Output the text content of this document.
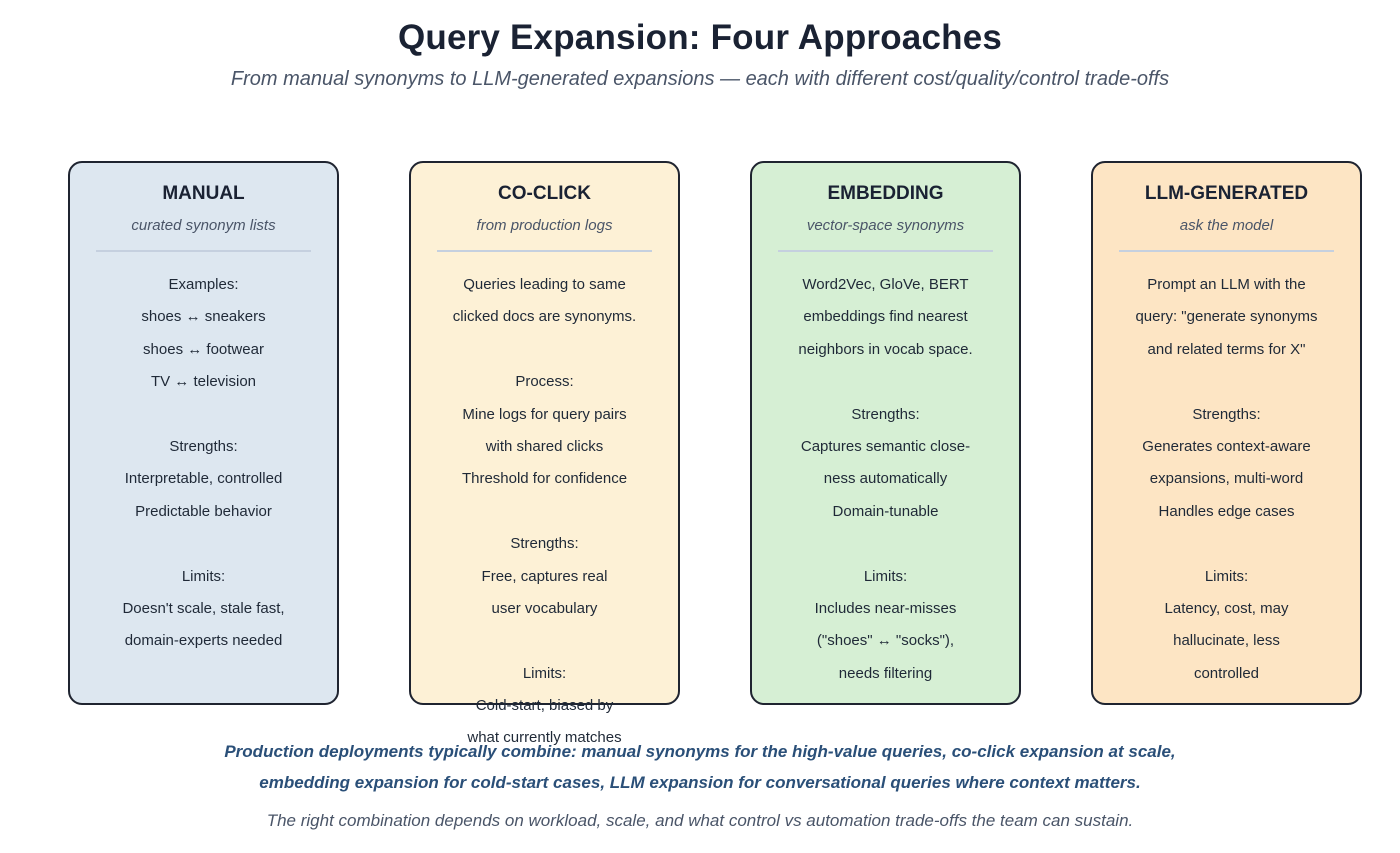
Query Expansion: Four Approaches
From manual synonyms to LLM-generated expansions — each with different cost/quality/control trade-offs
MANUAL
curated synonym lists
Examples:
shoes ↔ sneakers
shoes ↔ footwear
TV ↔ television

Strengths:
Interpretable, controlled
Predictable behavior

Limits:
Doesn't scale, stale fast,
domain-experts needed
CO-CLICK
from production logs
Queries leading to same
clicked docs are synonyms.

Process:
Mine logs for query pairs
with shared clicks
Threshold for confidence

Strengths:
Free, captures real
user vocabulary

Limits:
Cold-start, biased by
what currently matches
EMBEDDING
vector-space synonyms
Word2Vec, GloVe, BERT
embeddings find nearest
neighbors in vocab space.

Strengths:
Captures semantic close-
ness automatically
Domain-tunable

Limits:
Includes near-misses
("shoes" ↔ "socks"),
needs filtering
LLM-GENERATED
ask the model
Prompt an LLM with the
query: "generate synonyms
and related terms for X"

Strengths:
Generates context-aware
expansions, multi-word
Handles edge cases

Limits:
Latency, cost, may
hallucinate, less
controlled
Production deployments typically combine: manual synonyms for the high-value queries, co-click expansion at scale,
embedding expansion for cold-start cases, LLM expansion for conversational queries where context matters.
The right combination depends on workload, scale, and what control vs automation trade-offs the team can sustain.
